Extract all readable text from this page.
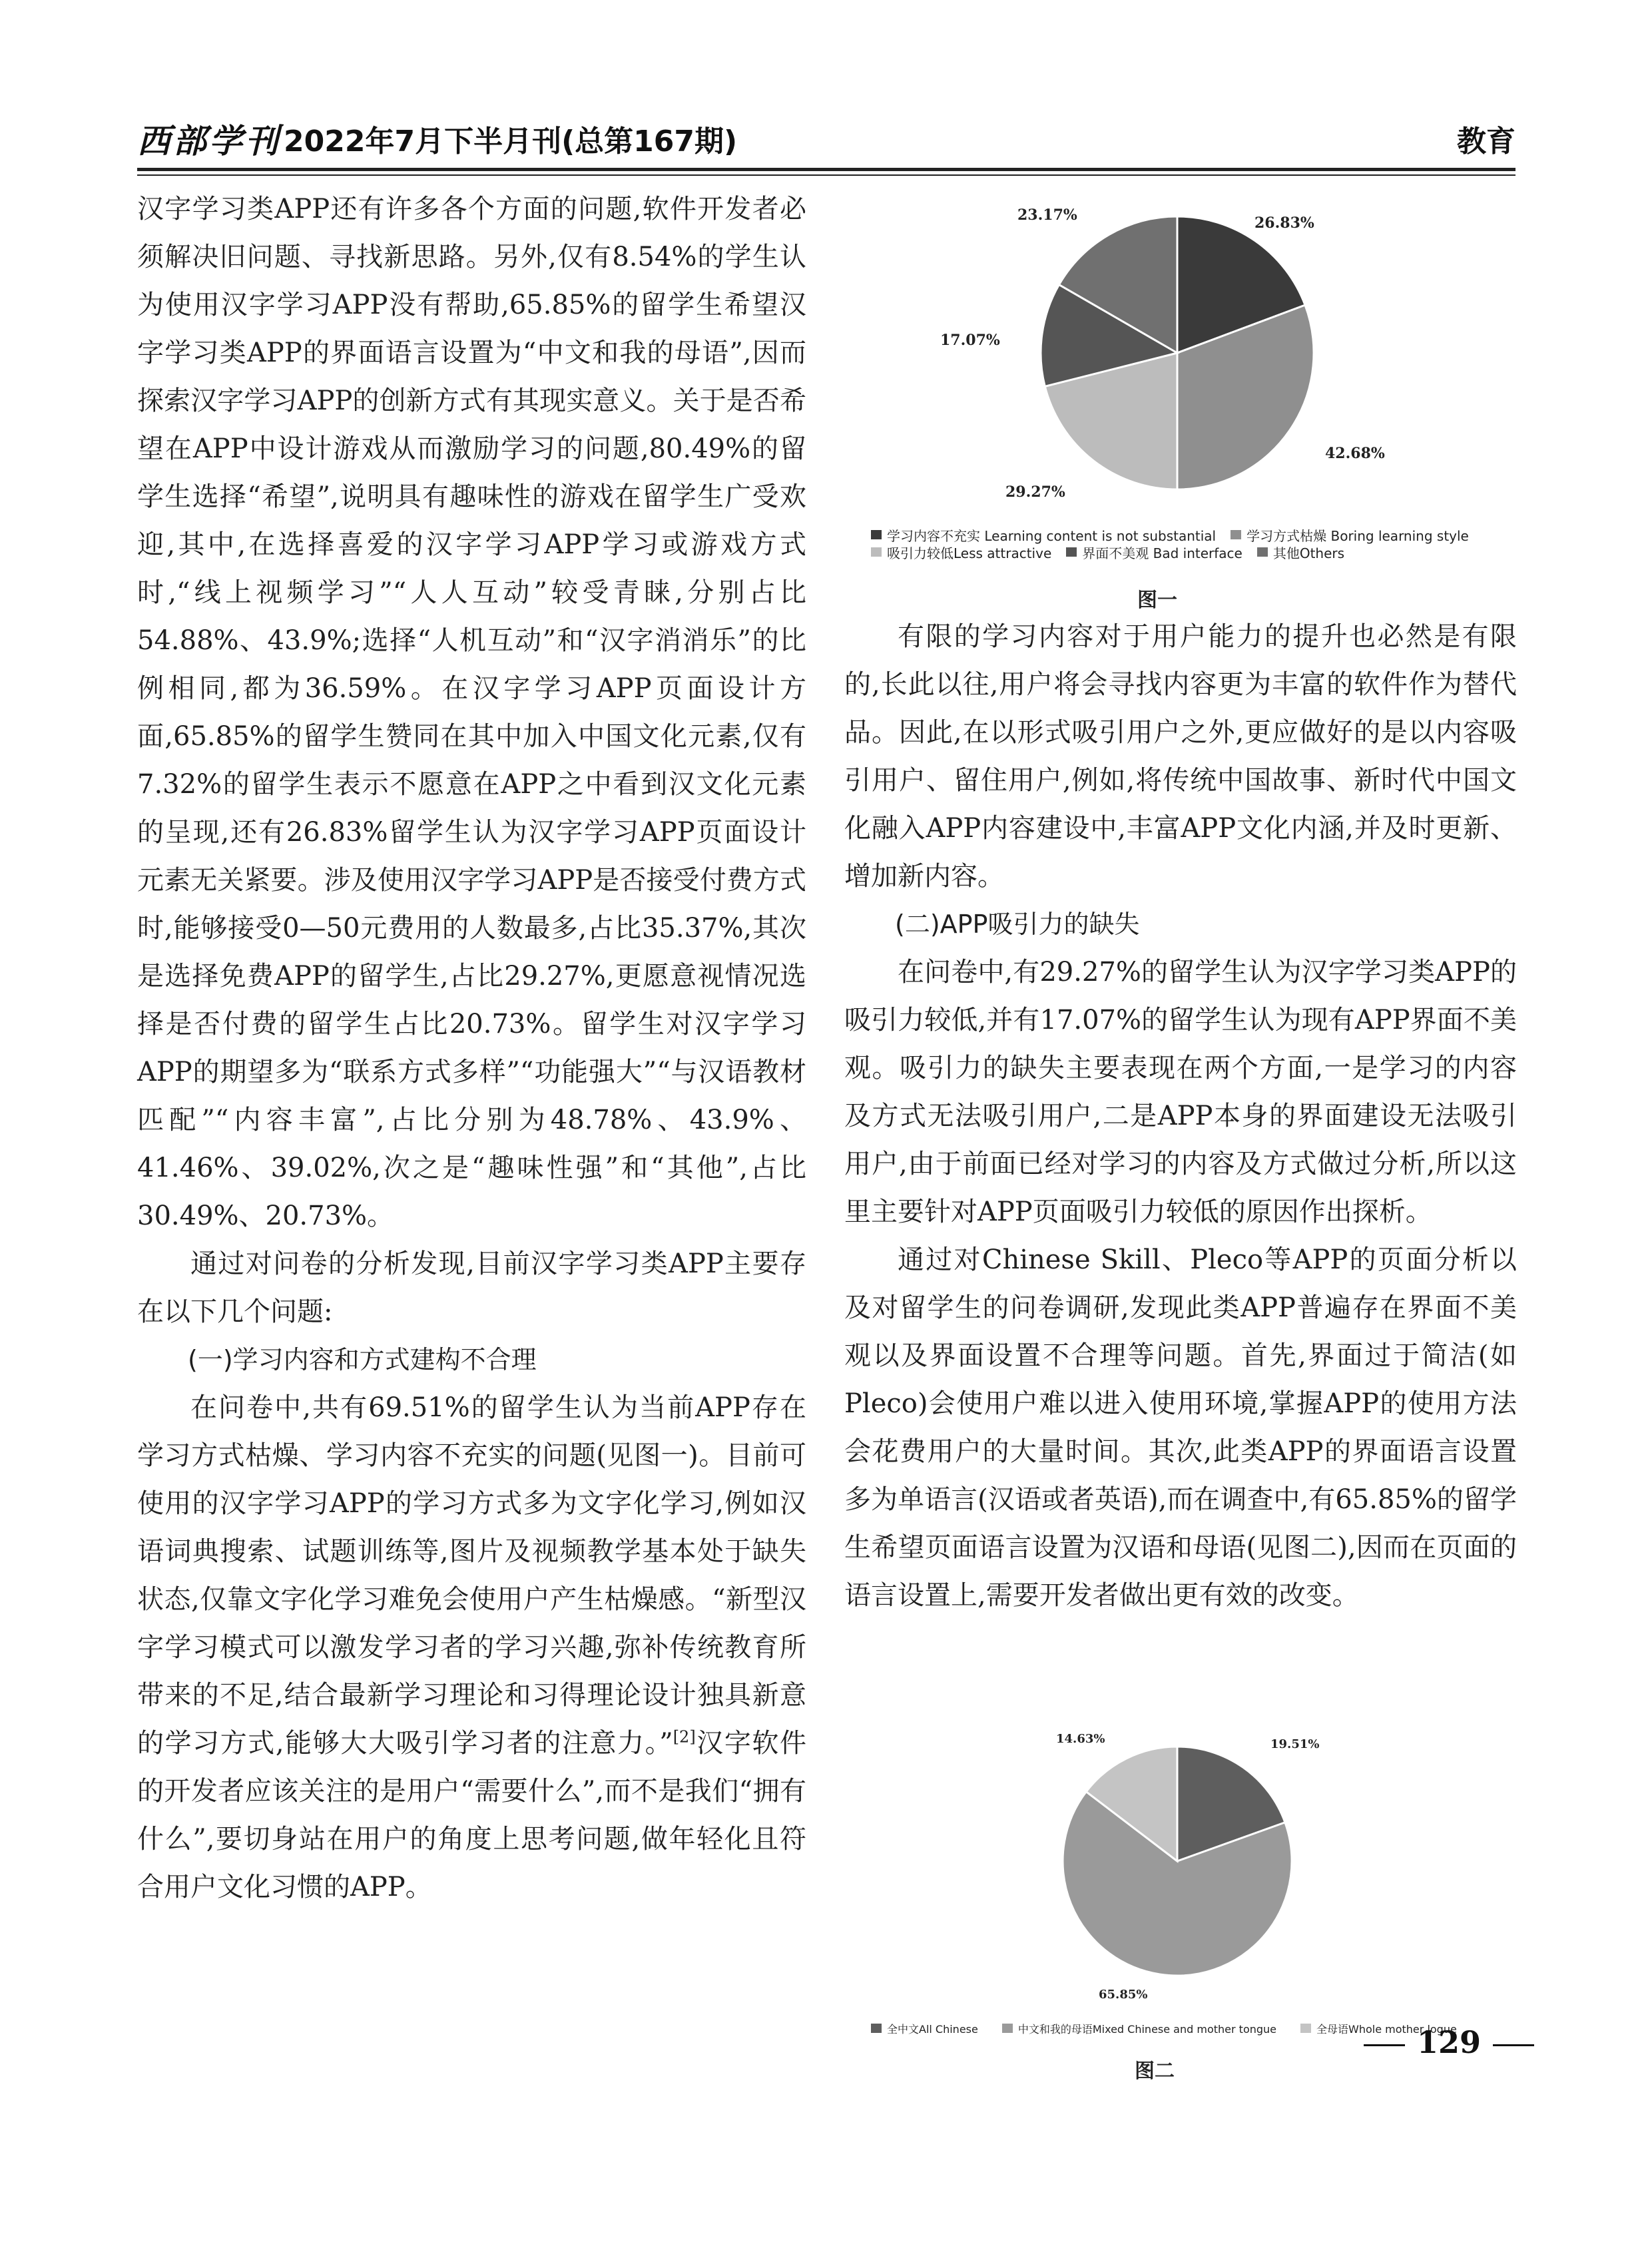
西部学刊 2022年7月下半月刊(总第167期)	教育

汉字学习类APP还有许多各个方面的问题,软件开发者必须解决旧问题、寻找新思路。另外,仅有8.54%的学生认为使用汉字学习APP没有帮助,65.85%的留学生希望汉字学习类APP的界面语言设置为“中文和我的母语”,因而探索汉字学习APP的创新方式有其现实意义。关于是否希望在APP中设计游戏从而激励学习的问题,80.49%的留学生选择“希望”,说明具有趣味性的游戏在留学生广受欢迎,其中,在选择喜爱的汉字学习APP学习或游戏方式时,“线上视频学习”“人人互动”较受青睐,分别占比54.88%、43.9%;选择“人机互动”和“汉字消消乐”的比例相同,都为36.59%。在汉字学习APP页面设计方面,65.85%的留学生赞同在其中加入中国文化元素,仅有7.32%的留学生表示不愿意在APP之中看到汉文化元素的呈现,还有26.83%留学生认为汉字学习APP页面设计元素无关紧要。涉及使用汉字学习APP是否接受付费方式时,能够接受0—50元费用的人数最多,占比35.37%,其次是选择免费APP的留学生,占比29.27%,更愿意视情况选择是否付费的留学生占比20.73%。留学生对汉字学习APP的期望多为“联系方式多样”“功能强大”“与汉语教材匹配”“内容丰富”,占比分别为48.78%、43.9%、41.46%、39.02%,次之是“趣味性强”和“其他”,占比30.49%、20.73%。

通过对问卷的分析发现,目前汉字学习类APP主要存在以下几个问题:

(一)学习内容和方式建构不合理

在问卷中,共有69.51%的留学生认为当前APP存在学习方式枯燥、学习内容不充实的问题(见图一)。目前可使用的汉字学习APP的学习方式多为文字化学习,例如汉语词典搜索、试题训练等,图片及视频教学基本处于缺失状态,仅靠文字化学习难免会使用户产生枯燥感。“新型汉字学习模式可以激发学习者的学习兴趣,弥补传统教育所带来的不足,结合最新学习理论和习得理论设计独具新意的学习方式,能够大大吸引学习者的注意力。”[2]汉字软件的开发者应该关注的是用户“需要什么”,而不是我们“拥有什么”,要切身站在用户的角度上思考问题,做年轻化且符合用户文化习惯的APP。

26.83%
42.68%
29.27%
17.07%
23.17%
学习内容不充实 Learning content is not substantial 学习方式枯燥 Boring learning style
吸引力较低Less attractive 界面不美观 Bad interface 其他Others
图一

有限的学习内容对于用户能力的提升也必然是有限的,长此以往,用户将会寻找内容更为丰富的软件作为替代品。因此,在以形式吸引用户之外,更应做好的是以内容吸引用户、留住用户,例如,将传统中国故事、新时代中国文化融入APP内容建设中,丰富APP文化内涵,并及时更新、增加新内容。

(二)APP吸引力的缺失

在问卷中,有29.27%的留学生认为汉字学习类APP的吸引力较低,并有17.07%的留学生认为现有APP界面不美观。吸引力的缺失主要表现在两个方面,一是学习的内容及方式无法吸引用户,二是APP本身的界面建设无法吸引用户,由于前面已经对学习的内容及方式做过分析,所以这里主要针对APP页面吸引力较低的原因作出探析。

通过对Chinese Skill、Pleco等APP的页面分析以及对留学生的问卷调研,发现此类APP普遍存在界面不美观以及界面设置不合理等问题。首先,界面过于简洁(如Pleco)会使用户难以进入使用环境,掌握APP的使用方法会花费用户的大量时间。其次,此类APP的界面语言设置多为单语言(汉语或者英语),而在调查中,有65.85%的留学生希望页面语言设置为汉语和母语(见图二),因而在页面的语言设置上,需要开发者做出更有效的改变。

19.51%
65.85%
14.63%
全中文All Chinese	中文和我的母语Mixed Chinese and mother tongue	全母语Whole mother logue
图二
129
